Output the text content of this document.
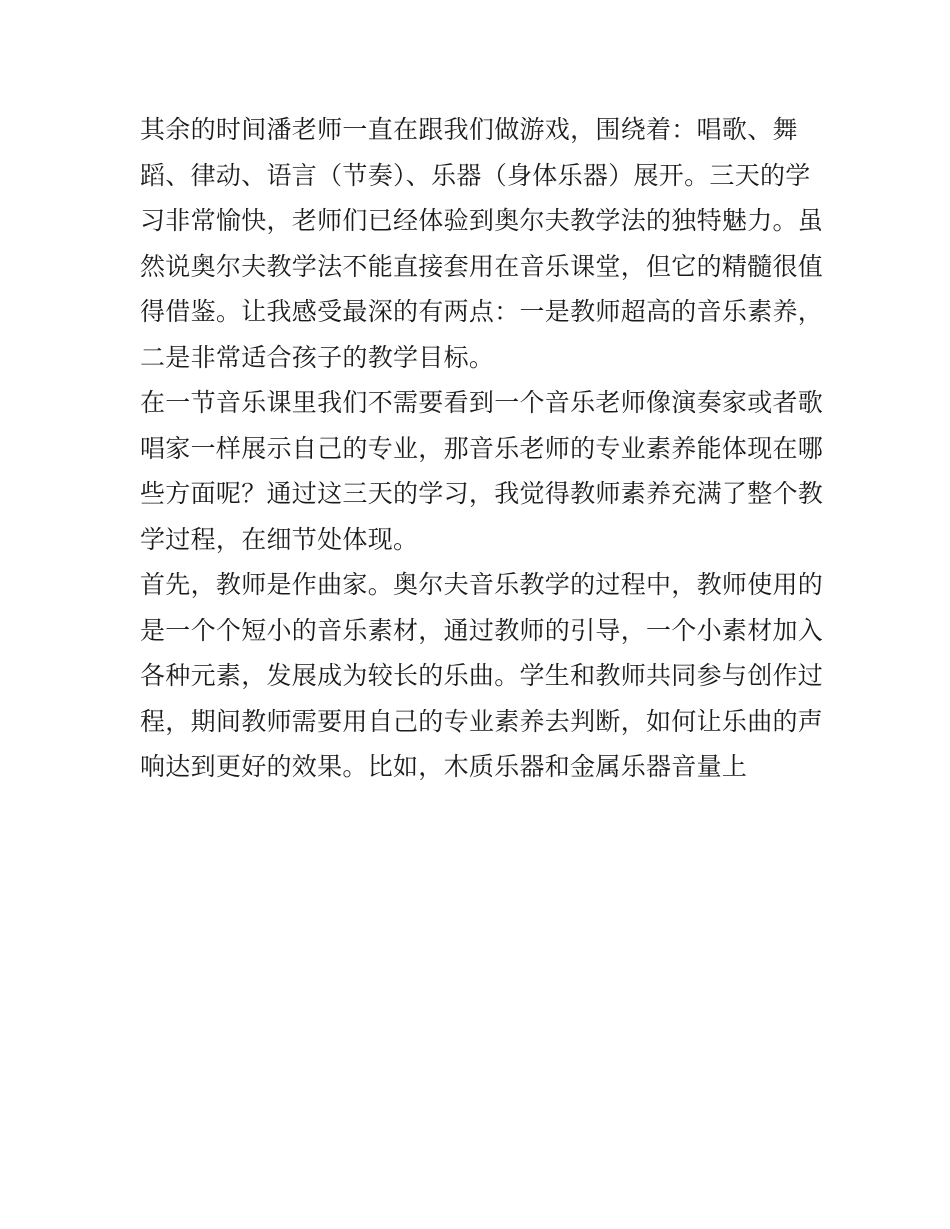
其余的时间潘老师一直在跟我们做游戏，围绕着：唱歌、舞
蹈、律动、语言（节奏）、乐器（身体乐器）展开。三天的学
习非常愉快，老师们已经体验到奥尔夫教学法的独特魅力。虽
然说奥尔夫教学法不能直接套用在音乐课堂，但它的精髓很值
得借鉴。让我感受最深的有两点：一是教师超高的音乐素养，
二是非常适合孩子的教学目标。
在一节音乐课里我们不需要看到一个音乐老师像演奏家或者歌
唱家一样展示自己的专业，那音乐老师的专业素养能体现在哪
些方面呢？通过这三天的学习，我觉得教师素养充满了整个教
学过程，在细节处体现。
首先，教师是作曲家。奥尔夫音乐教学的过程中，教师使用的
是一个个短小的音乐素材，通过教师的引导，一个小素材加入
各种元素，发展成为较长的乐曲。学生和教师共同参与创作过
程，期间教师需要用自己的专业素养去判断，如何让乐曲的声
响达到更好的效果。比如，木质乐器和金属乐器音量上
